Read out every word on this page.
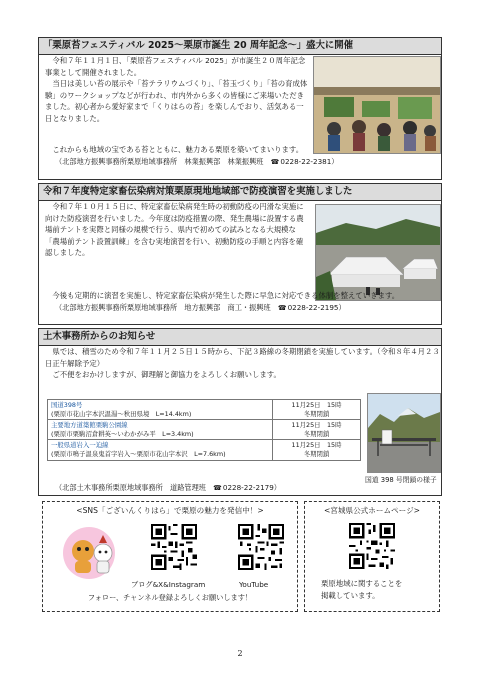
「栗原苔フェスティバル 2025～栗原市誕生 20 周年記念～」盛大に開催

令和７年１１月１日、「栗原苔フェスティバル 2025」が市誕生２０周年記念事業として開催されました。

当日は美しい苔の展示や「苔テラリウムづくり」、「苔玉づくり」「苔の育成体験」のワークショップなどが行われ、市内外から多くの皆様にご来場いただきました。初心者から愛好家まで「くりはらの苔」を楽しんでおり、活気ある一日となりました。

これからも地域の宝である苔とともに、魅力ある栗原を築いてまいります。

（北部地方振興事務所栗原地域事務所　林業振興部　林業振興班　 ☎0228-22-2381）

令和７年度特定家畜伝染病対策栗原現地地域部で防疫演習を実施しました

令和７年１０月１５日に、特定家畜伝染病発生時の初動防疫の円滑な実施に向けた防疫演習を行いました。今年度は防疫措置の際、発生農場に設置する農場前テントを実際と同様の規模で行う、県内で初めての試みとなる大規模な「農場前テント設置訓練」を含む実地演習を行い、初動防疫の手順と内容を確認しました。

今後も定期的に演習を実施し、特定家畜伝染病が発生した際に早急に対応できる体制を整えていきます。

（北部地方振興事務所栗原地域事務所　地方振興部　商工・振興班　 ☎0228-22-2195）

土木事務所からのお知らせ

県では、積雪のため令和７年１１月２５日１５時から、下記３路線の冬期閉鎖を実施しています。（令和８年４月２３日正午解除予定）

ご不便をおかけしますが、御理解と御協力をよろしくお願いします。

国道398号
(栗原市花山字本沢温湯～秋田県境　L=14.4km)	11月25日　15時
冬期閉鎖

主要地方道築館栗駒公園線
(栗原市栗駒沼倉耕英～いわかがみ平　L=3.4km)	11月25日　15時
冬期閉鎖

一般県道岩入一迫線
(栗原市鳴子温泉鬼首字岩入～栗原市花山字本沢　L=7.6km)	11月25日　15時
冬期閉鎖
国道 398 号閉鎖の様子

（北部土木事務所栗原地域事務所　道路管理班　 ☎0228-22-2179）

<SNS「ございんくりはら」で栗原の魅力を発信中！>
ブログ&X&Instagram	YouTube
フォロー、チャンネル登録よろしくお願いします！
<宮城県公式ホームページ>
栗原地域に関することを
掲載しています。
2
